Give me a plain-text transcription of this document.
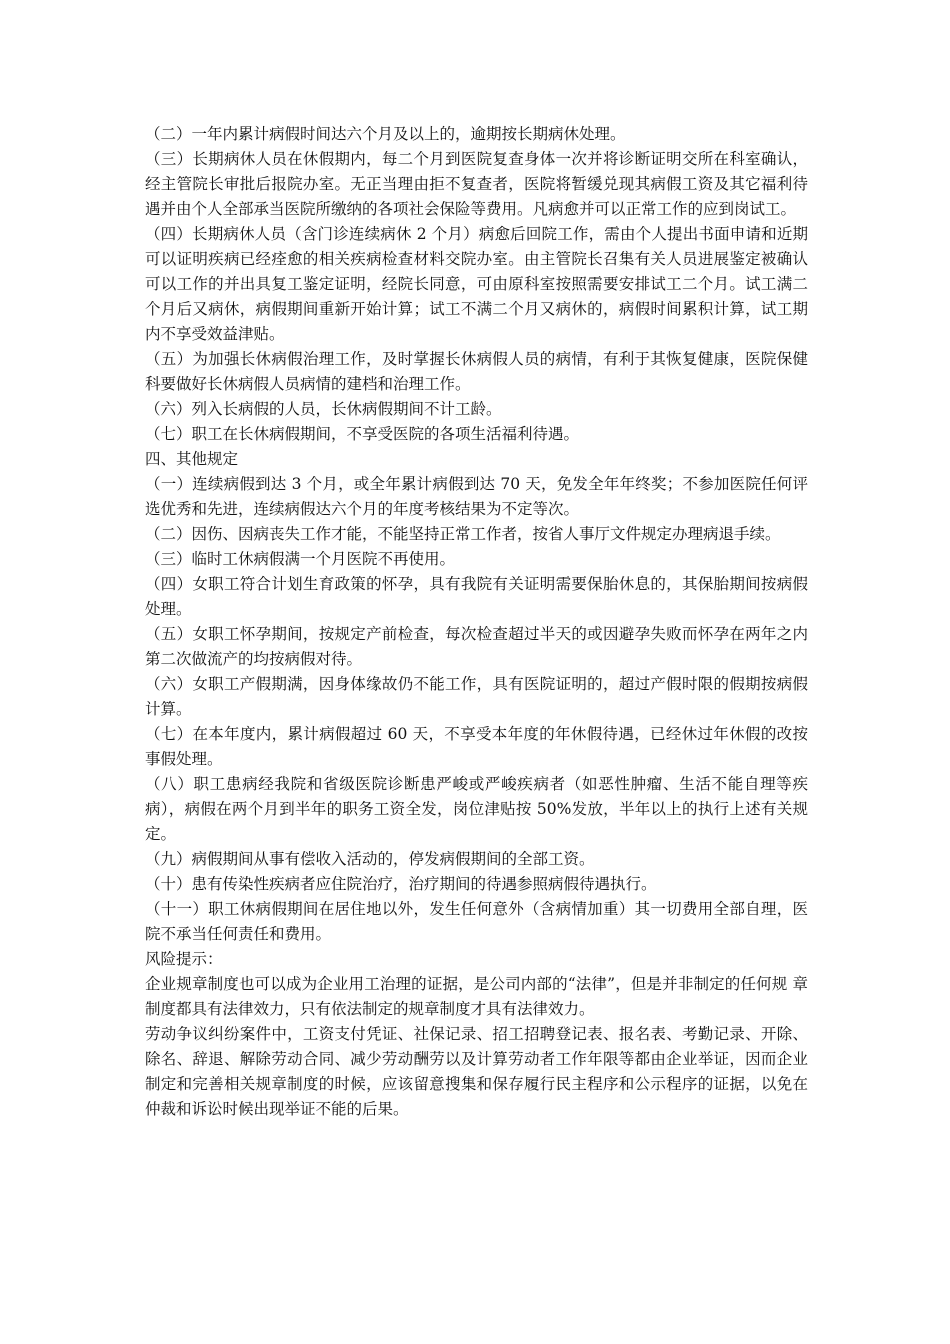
（二）一年内累计病假时间达六个月及以上的，逾期按长期病休处理。

（三）长期病休人员在休假期内，每二个月到医院复查身体一次并将诊断证明交所在科室确认，经主管院长审批后报院办室。无正当理由拒不复查者，医院将暂缓兑现其病假工资及其它福利待遇并由个人全部承当医院所缴纳的各项社会保险等费用。凡病愈并可以正常工作的应到岗试工。

（四）长期病休人员（含门诊连续病休 2 个月）病愈后回院工作，需由个人提出书面申请和近期可以证明疾病已经痊愈的相关疾病检查材料交院办室。由主管院长召集有关人员进展鉴定被确认可以工作的并出具复工鉴定证明，经院长同意，可由原科室按照需要安排试工二个月。试工满二个月后又病休，病假期间重新开始计算；试工不满二个月又病休的，病假时间累积计算，试工期内不享受效益津贴。

（五）为加强长休病假治理工作，及时掌握长休病假人员的病情，有利于其恢复健康，医院保健科要做好长休病假人员病情的建档和治理工作。

（六）列入长病假的人员，长休病假期间不计工龄。

（七）职工在长休病假期间，不享受医院的各项生活福利待遇。

四、其他规定

（一）连续病假到达 3 个月，或全年累计病假到达 70 天，免发全年年终奖；不参加医院任何评选优秀和先进，连续病假达六个月的年度考核结果为不定等次。

（二）因伤、因病丧失工作才能，不能坚持正常工作者，按省人事厅文件规定办理病退手续。

（三）临时工休病假满一个月医院不再使用。

（四）女职工符合计划生育政策的怀孕，具有我院有关证明需要保胎休息的，其保胎期间按病假处理。

（五）女职工怀孕期间，按规定产前检查，每次检查超过半天的或因避孕失败而怀孕在两年之内第二次做流产的均按病假对待。

（六）女职工产假期满，因身体缘故仍不能工作，具有医院证明的，超过产假时限的假期按病假计算。

（七）在本年度内，累计病假超过 60 天，不享受本年度的年休假待遇，已经休过年休假的改按事假处理。

（八）职工患病经我院和省级医院诊断患严峻或严峻疾病者（如恶性肿瘤、生活不能自理等疾病），病假在两个月到半年的职务工资全发，岗位津贴按 50%发放，半年以上的执行上述有关规定。

（九）病假期间从事有偿收入活动的，停发病假期间的全部工资。

（十）患有传染性疾病者应住院治疗，治疗期间的待遇参照病假待遇执行。

（十一）职工休病假期间在居住地以外，发生任何意外（含病情加重）其一切费用全部自理，医院不承当任何责任和费用。

风险提示：

企业规章制度也可以成为企业用工治理的证据，是公司内部的“法律”，但是并非制定的任何规 章制度都具有法律效力，只有依法制定的规章制度才具有法律效力。

劳动争议纠纷案件中，工资支付凭证、社保记录、招工招聘登记表、报名表、考勤记录、开除、除名、辞退、解除劳动合同、减少劳动酬劳以及计算劳动者工作年限等都由企业举证，因而企业制定和完善相关规章制度的时候，应该留意搜集和保存履行民主程序和公示程序的证据，以免在仲裁和诉讼时候出现举证不能的后果。
